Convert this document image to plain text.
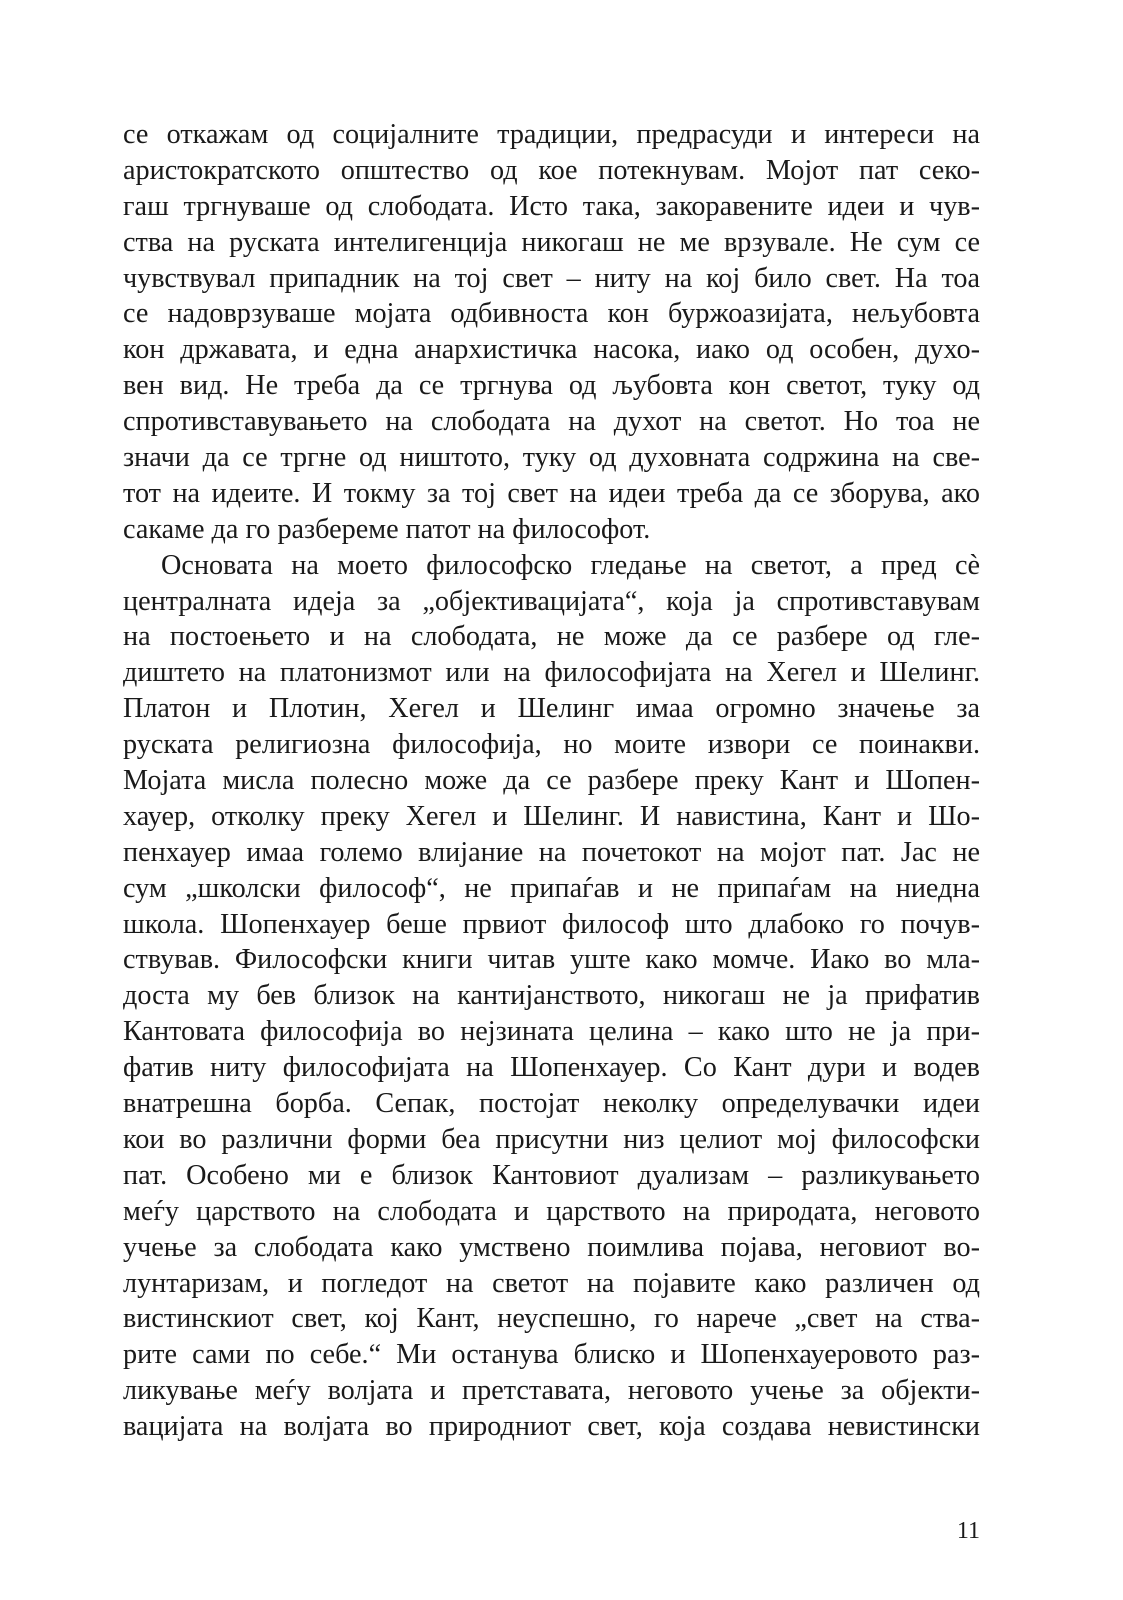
се откажам од социјалните традиции, предрасуди и интереси на
аристократското општество од кое потекнувам. Мојот пат секо-
гаш тргнуваше од слободата. Исто така, закоравените идеи и чув-
ства на руската интелигенција никогаш не ме врзувале. Не сум се
чувствувал припадник на тој свет – ниту на кој било свет. На тоа
се надоврзуваше мојата одбивноста кон буржоазијата, нељубовта
кон државата, и една анархистичка насока, иако од особен, духо-
вен вид. Не треба да се тргнува од љубовта кон светот, туку од
спротивставувањето на слободата на духот на светот. Но тоа не
значи да се тргне од ништото, туку од духовната содржина на све-
тот на идеите. И токму за тој свет на идеи треба да се зборува, ако
сакаме да го разбереме патот на философот.
Основата на моето философско гледање на светот, а пред сè
централната идеја за „објективацијата“, која ја спротивставувам
на постоењето и на слободата, не може да се разбере од гле-
диштето на платонизмот или на философијата на Хегел и Шелинг.
Платон и Плотин, Хегел и Шелинг имаа огромно значење за
руската религиозна философија, но моите извори се поинакви.
Мојата мисла полесно може да се разбере преку Кант и Шопен-
хауер, отколку преку Хегел и Шелинг. И навистина, Кант и Шо-
пенхауер имаа големо влијание на почетокот на мојот пат. Јас не
сум „школски философ“, не припаѓав и не припаѓам на ниедна
школа. Шопенхауер беше првиот философ што длабоко го почув-
ствував. Философски книги читав уште како момче. Иако во мла-
доста му бев близок на кантијанството, никогаш не ја прифатив
Кантовата философија во нејзината целина – како што не ја при-
фатив ниту философијата на Шопенхауер. Со Кант дури и водев
внатрешна борба. Сепак, постојат неколку определувачки идеи
кои во различни форми беа присутни низ целиот мој философски
пат. Особено ми е близок Кантовиот дуализам – разликувањето
меѓу царството на слободата и царството на природата, неговото
учење за слободата како умствено поимлива појава, неговиот во-
лунтаризам, и погледот на светот на појавите како различен од
вистинскиот свет, кој Кант, неуспешно, го нарече „свет на ства-
рите сами по себе.“ Ми останува блиско и Шопенхауеровото раз-
ликување меѓу волјата и претставата, неговото учење за објекти-
вацијата на волјата во природниот свет, која создава невистински
11
